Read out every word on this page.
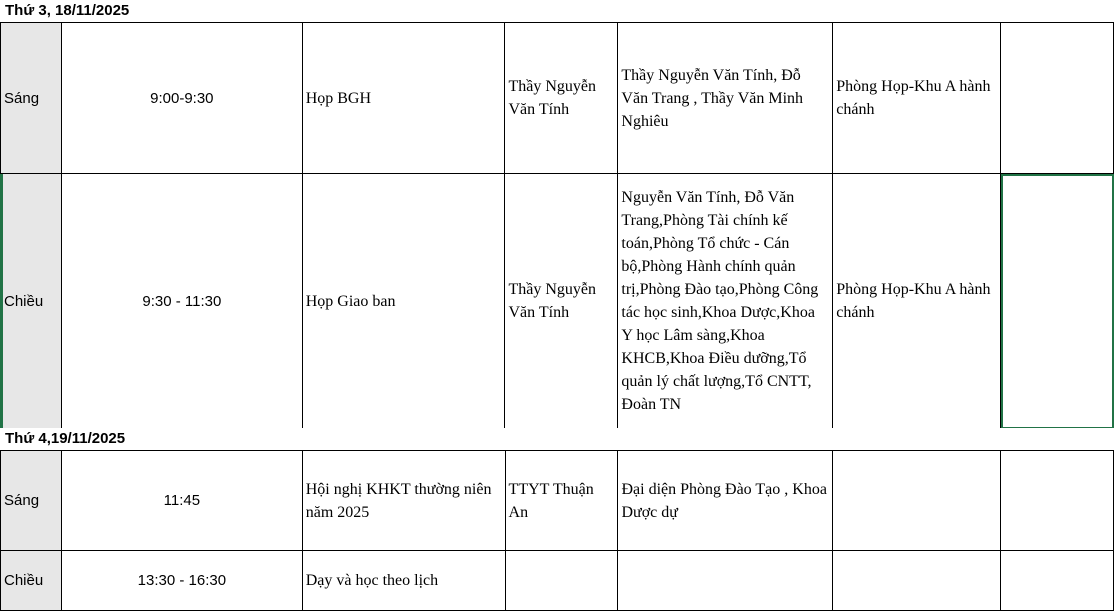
Thứ 3, 18/11/2025
Sáng	9:00-9:30	Họp BGH	Thầy Nguyễn Văn Tính	Thầy Nguyễn Văn Tính, Đỗ Văn Trang , Thầy Văn Minh Nghiêu	Phòng Họp-Khu A hành chánh	
Chiều	9:30 - 11:30	Họp Giao ban	Thầy Nguyễn Văn Tính	Nguyễn Văn Tính, Đỗ Văn Trang,Phòng Tài chính kế toán,Phòng Tổ chức - Cán bộ,Phòng Hành chính quản trị,Phòng Đào tạo,Phòng Công tác học sinh,Khoa Dược,Khoa Y học Lâm sàng,Khoa KHCB,Khoa Điều dưỡng,Tổ quản lý chất lượng,Tổ CNTT, Đoàn TN	Phòng Họp-Khu A hành chánh	
Thứ 4,19/11/2025
Sáng	11:45	Hội nghị KHKT thường niên năm 2025	TTYT Thuận An	Đại diện Phòng Đào Tạo , Khoa Dược dự		
Chiều	13:30 - 16:30	Dạy và học theo lịch				
